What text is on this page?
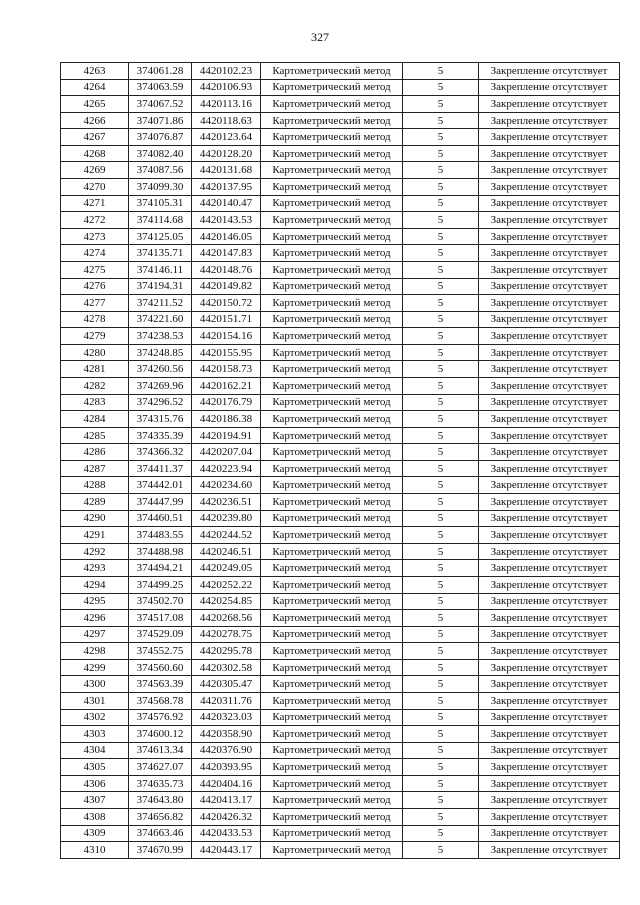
327
4263	374061.28	4420102.23	Картометрический метод	5	Закрепление отсутствует
4264	374063.59	4420106.93	Картометрический метод	5	Закрепление отсутствует
4265	374067.52	4420113.16	Картометрический метод	5	Закрепление отсутствует
4266	374071.86	4420118.63	Картометрический метод	5	Закрепление отсутствует
4267	374076.87	4420123.64	Картометрический метод	5	Закрепление отсутствует
4268	374082.40	4420128.20	Картометрический метод	5	Закрепление отсутствует
4269	374087.56	4420131.68	Картометрический метод	5	Закрепление отсутствует
4270	374099.30	4420137.95	Картометрический метод	5	Закрепление отсутствует
4271	374105.31	4420140.47	Картометрический метод	5	Закрепление отсутствует
4272	374114.68	4420143.53	Картометрический метод	5	Закрепление отсутствует
4273	374125.05	4420146.05	Картометрический метод	5	Закрепление отсутствует
4274	374135.71	4420147.83	Картометрический метод	5	Закрепление отсутствует
4275	374146.11	4420148.76	Картометрический метод	5	Закрепление отсутствует
4276	374194.31	4420149.82	Картометрический метод	5	Закрепление отсутствует
4277	374211.52	4420150.72	Картометрический метод	5	Закрепление отсутствует
4278	374221.60	4420151.71	Картометрический метод	5	Закрепление отсутствует
4279	374238.53	4420154.16	Картометрический метод	5	Закрепление отсутствует
4280	374248.85	4420155.95	Картометрический метод	5	Закрепление отсутствует
4281	374260.56	4420158.73	Картометрический метод	5	Закрепление отсутствует
4282	374269.96	4420162.21	Картометрический метод	5	Закрепление отсутствует
4283	374296.52	4420176.79	Картометрический метод	5	Закрепление отсутствует
4284	374315.76	4420186.38	Картометрический метод	5	Закрепление отсутствует
4285	374335.39	4420194.91	Картометрический метод	5	Закрепление отсутствует
4286	374366.32	4420207.04	Картометрический метод	5	Закрепление отсутствует
4287	374411.37	4420223.94	Картометрический метод	5	Закрепление отсутствует
4288	374442.01	4420234.60	Картометрический метод	5	Закрепление отсутствует
4289	374447.99	4420236.51	Картометрический метод	5	Закрепление отсутствует
4290	374460.51	4420239.80	Картометрический метод	5	Закрепление отсутствует
4291	374483.55	4420244.52	Картометрический метод	5	Закрепление отсутствует
4292	374488.98	4420246.51	Картометрический метод	5	Закрепление отсутствует
4293	374494.21	4420249.05	Картометрический метод	5	Закрепление отсутствует
4294	374499.25	4420252.22	Картометрический метод	5	Закрепление отсутствует
4295	374502.70	4420254.85	Картометрический метод	5	Закрепление отсутствует
4296	374517.08	4420268.56	Картометрический метод	5	Закрепление отсутствует
4297	374529.09	4420278.75	Картометрический метод	5	Закрепление отсутствует
4298	374552.75	4420295.78	Картометрический метод	5	Закрепление отсутствует
4299	374560.60	4420302.58	Картометрический метод	5	Закрепление отсутствует
4300	374563.39	4420305.47	Картометрический метод	5	Закрепление отсутствует
4301	374568.78	4420311.76	Картометрический метод	5	Закрепление отсутствует
4302	374576.92	4420323.03	Картометрический метод	5	Закрепление отсутствует
4303	374600.12	4420358.90	Картометрический метод	5	Закрепление отсутствует
4304	374613.34	4420376.90	Картометрический метод	5	Закрепление отсутствует
4305	374627.07	4420393.95	Картометрический метод	5	Закрепление отсутствует
4306	374635.73	4420404.16	Картометрический метод	5	Закрепление отсутствует
4307	374643.80	4420413.17	Картометрический метод	5	Закрепление отсутствует
4308	374656.82	4420426.32	Картометрический метод	5	Закрепление отсутствует
4309	374663.46	4420433.53	Картометрический метод	5	Закрепление отсутствует
4310	374670.99	4420443.17	Картометрический метод	5	Закрепление отсутствует
